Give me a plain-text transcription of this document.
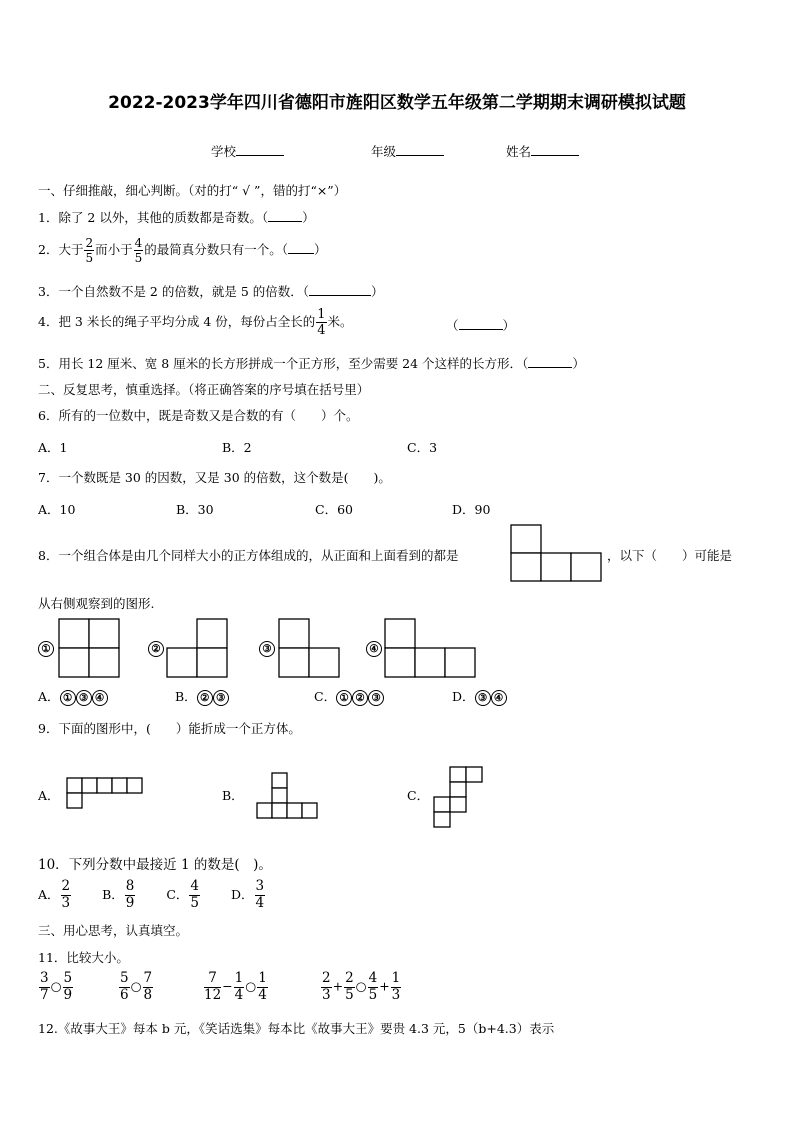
2022-2023学年四川省德阳市旌阳区数学五年级第二学期期末调研模拟试题
学校	年级	姓名
一、仔细推敲，细心判断。（对的打“ √ ”，错的打“×”）
1．除了 2 以外，其他的质数都是奇数。（	）
2．大于 $\frac{2}{5}$ 而小于 $\frac{4}{5}$ 的最简真分数只有一个。（ ）
3．一个自然数不是 2 的倍数，就是 5 的倍数．（	）
4．把 3 米长的绳子平均分成 4 份，每份占全长的 $\frac{1}{4}$ 米。	（	）
5．用长 12 厘米、宽 8 厘米的长方形拼成一个正方形，至少需要 24 个这样的长方形．（	）
二、反复思考，慎重选择。（将正确答案的序号填在括号里）
6．所有的一位数中，既是奇数又是合数的有（　　）个。
A．1	B．2	C．3
7．一个数既是 30 的因数，又是 30 的倍数，这个数是(　　)。
A．10	B．30	C．60	D．90
8．一个组合体是由几个同样大小的正方体组成的，从正面和上面看到的都是	，以下（　　）可能是
从右侧观察到的图形.
①	②	③	④
A． ① ③ ④	B． ② ③	C． ① ② ③	D． ③ ④
9．下面的图形中，(　　）能折成一个正方体。
A．	B．	C．
10．下列分数中最接近 1 的数是(　)。
A． $\frac{2}{3}$ B． $\frac{8}{9}$ C． $\frac{4}{5}$ D． $\frac{3}{4}$
三、用心思考，认真填空。
11．比较大小。
$\frac{3}{7}$ ○ $\frac{5}{9}$	$\frac{5}{6}$ ○ $\frac{7}{8}$	$\frac{7}{12} - \frac{1}{4}$ ○ $\frac{1}{4}$	$\frac{2}{3} + \frac{2}{5}$ ○ $\frac{4}{5} + \frac{1}{3}$
12.《故事大王》每本 b 元，《笑话选集》每本比《故事大王》要贵 4.3 元，5（b+4.3）表示
